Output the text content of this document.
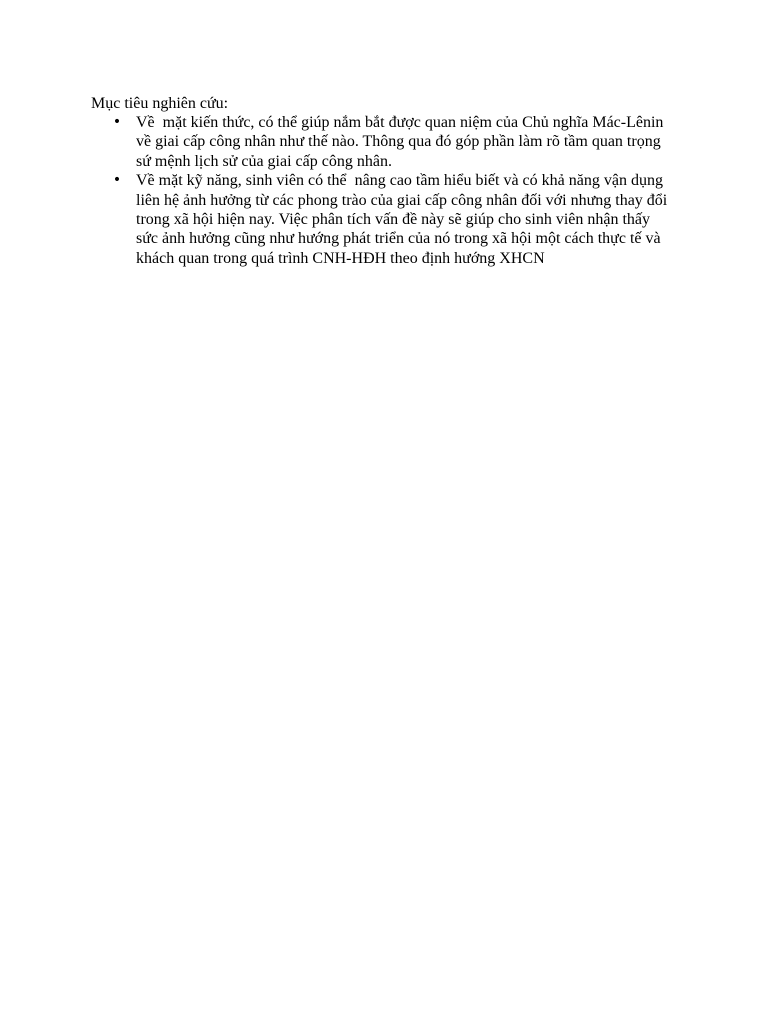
Mục tiêu nghiên cứu:
• Về  mặt kiến thức, có thể giúp nắm bắt được quan niệm của Chủ nghĩa Mác-Lênin
về giai cấp công nhân như thế nào. Thông qua đó góp phần làm rõ tầm quan trọng
sứ mệnh lịch sử của giai cấp công nhân.
• Về mặt kỹ năng, sinh viên có thể  nâng cao tầm hiểu biết và có khả năng vận dụng
liên hệ ảnh hưởng từ các phong trào của giai cấp công nhân đối với nhưng thay đổi
trong xã hội hiện nay. Việc phân tích vấn đề này sẽ giúp cho sinh viên nhận thấy
sức ảnh hưởng cũng như hướng phát triển của nó trong xã hội một cách thực tế và
khách quan trong quá trình CNH-HĐH theo định hướng XHCN
